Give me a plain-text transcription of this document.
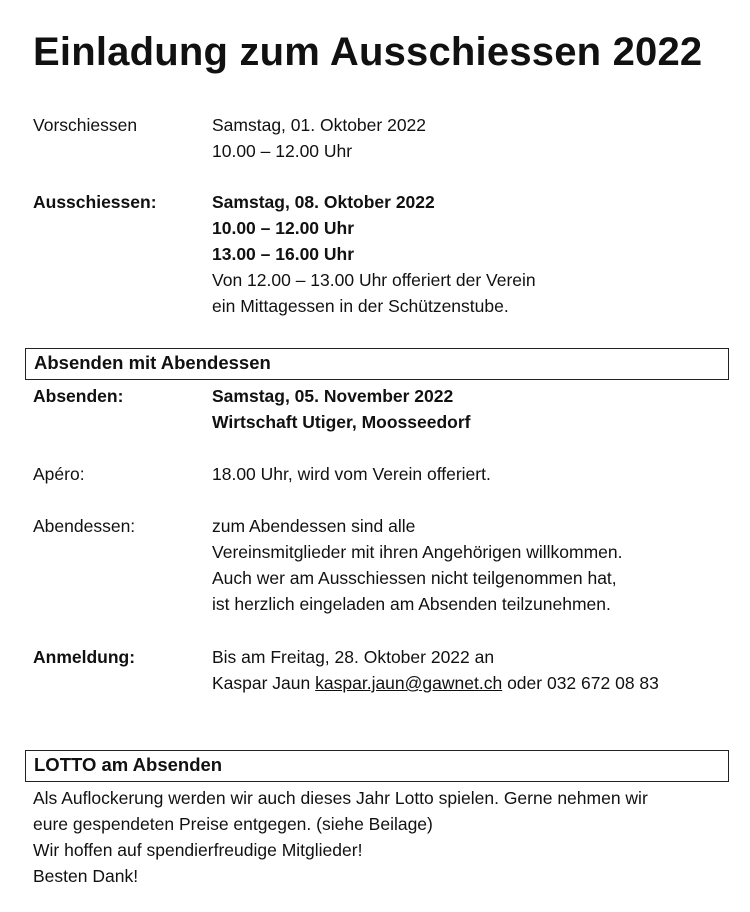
Einladung zum Ausschiessen 2022
Vorschiessen	Samstag, 01. Oktober 2022
10.00 – 12.00 Uhr
Ausschiessen:	Samstag, 08. Oktober 2022
10.00 – 12.00 Uhr
13.00 – 16.00 Uhr
Von 12.00 – 13.00 Uhr offeriert der Verein
ein Mittagessen in der Schützenstube.
Absenden mit Abendessen
Absenden:	Samstag, 05. November 2022
Wirtschaft Utiger, Moosseedorf
Apéro:	18.00 Uhr, wird vom Verein offeriert.
Abendessen:	zum Abendessen sind alle
Vereinsmitglieder mit ihren Angehörigen willkommen.
Auch wer am Ausschiessen nicht teilgenommen hat,
ist herzlich eingeladen am Absenden teilzunehmen.
Anmeldung:	Bis am Freitag, 28. Oktober 2022 an
Kaspar Jaun kaspar.jaun@gawnet.ch oder 032 672 08 83
LOTTO am Absenden
Als Auflockerung werden wir auch dieses Jahr Lotto spielen. Gerne nehmen wir
eure gespendeten Preise entgegen. (siehe Beilage)
Wir hoffen auf spendierfreudige Mitglieder!
Besten Dank!
